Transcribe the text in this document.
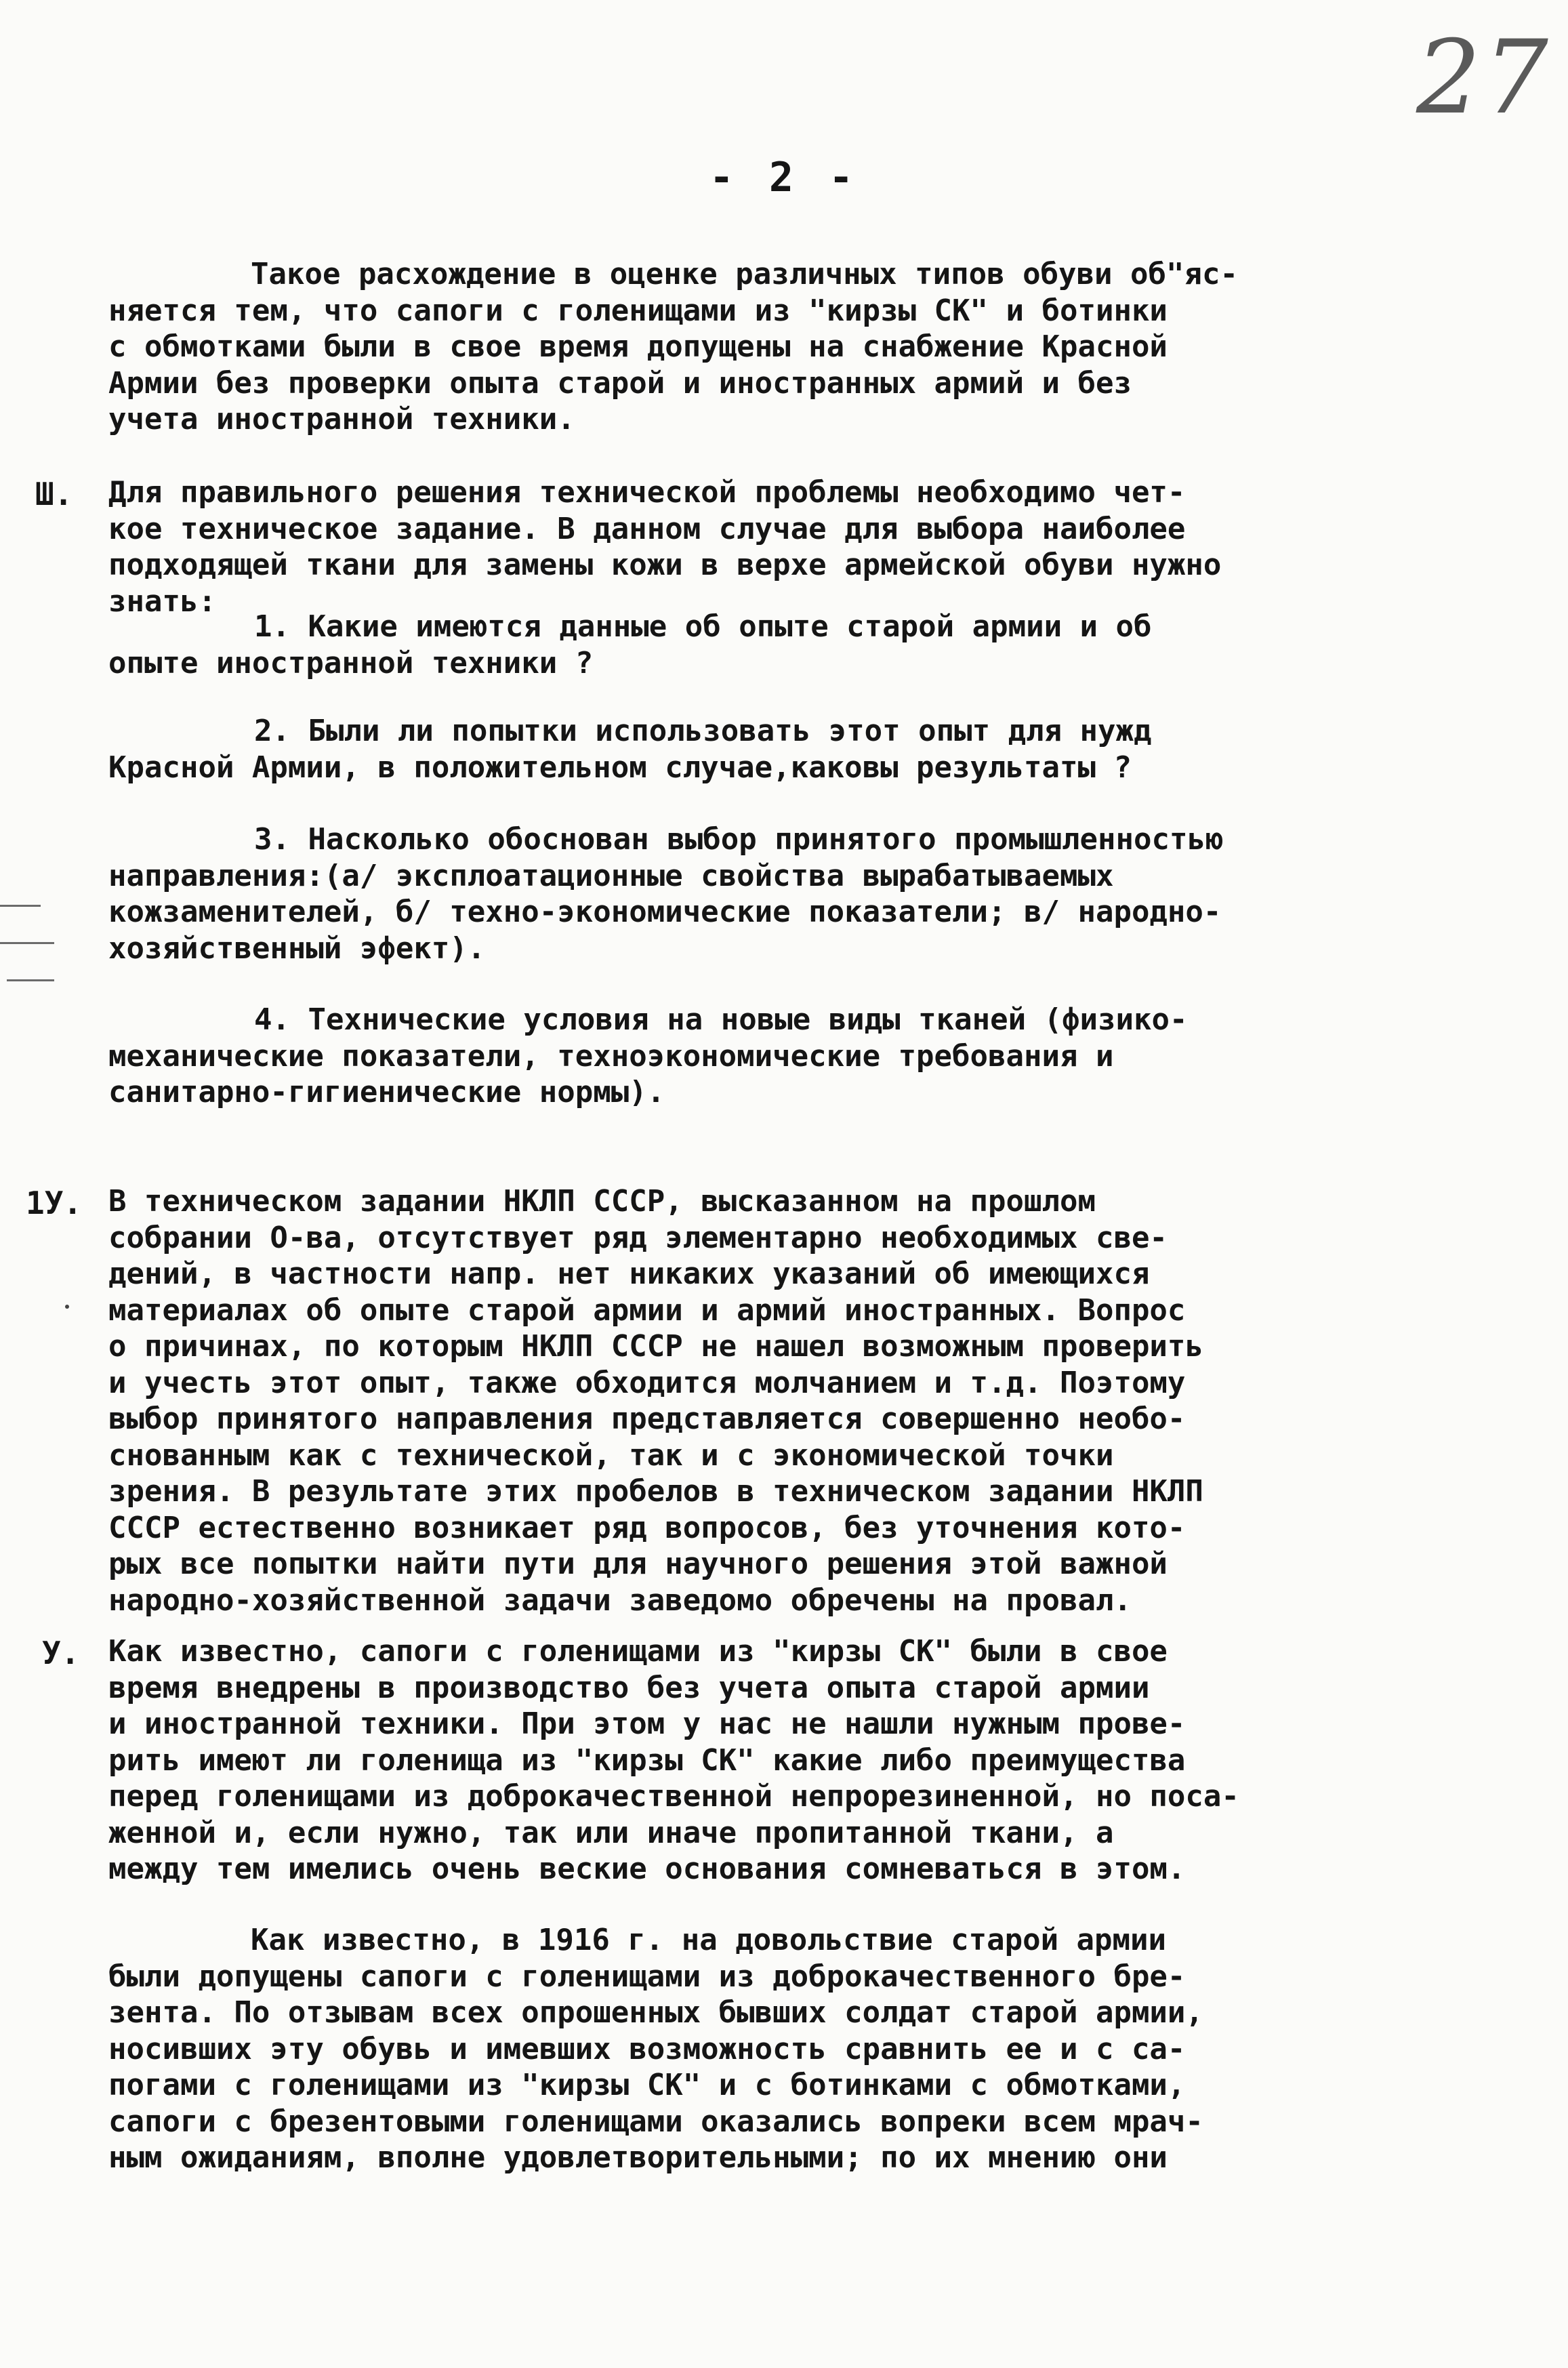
27
- 2 -
Такое расхождение в оценке различных типов обуви об"яс-
няется тем, что сапоги с голенищами из "кирзы СК" и ботинки
с обмотками были в свое время допущены на снабжение Красной
Армии без проверки опыта старой и иностранных армий и без
учета иностранной техники.
Ш. Для правильного решения технической проблемы необходимо чет-
кое техническое задание. В данном случае для выбора наиболее
подходящей ткани для замены кожи в верхе армейской обуви нужно
знать:
1. Какие имеются данные об опыте старой армии и об
опыте иностранной техники ?
2. Были ли попытки использовать этот опыт для нужд
Красной Армии, в положительном случае,каковы результаты ?
3. Насколько обоснован выбор принятого промышленностью
направления:(а/ эксплоатационные свойства вырабатываемых
кожзаменителей, б/ техно-экономические показатели; в/ народно-
хозяйственный эфект).
4. Технические условия на новые виды тканей (физико-
механические показатели, техноэкономические требования и
санитарно-гигиенические нормы).
1У. В техническом задании НКЛП СССР, высказанном на прошлом
собрании О-ва, отсутствует ряд элементарно необходимых све-
дений, в частности напр. нет никаких указаний об имеющихся
материалах об опыте старой армии и армий иностранных. Вопрос
о причинах, по которым НКЛП СССР не нашел возможным проверить
и учесть этот опыт, также обходится молчанием и т.д. Поэтому
выбор принятого направления представляется совершенно необо-
снованным как с технической, так и с экономической точки
зрения. В результате этих пробелов в техническом задании НКЛП
СССР естественно возникает ряд вопросов, без уточнения кото-
рых все попытки найти пути для научного решения этой важной
народно-хозяйственной задачи заведомо обречены на провал.
У. Как известно, сапоги с голенищами из "кирзы СК" были в свое
время внедрены в производство без учета опыта старой армии
и иностранной техники. При этом у нас не нашли нужным прове-
рить имеют ли голенища из "кирзы СК" какие либо преимущества
перед голенищами из доброкачественной непрорезиненной, но поса-
женной и, если нужно, так или иначе пропитанной ткани, а
между тем имелись очень веские основания сомневаться в этом.
Как известно, в 1916 г. на довольствие старой армии
были допущены сапоги с голенищами из доброкачественного бре-
зента. По отзывам всех опрошенных бывших солдат старой армии,
носивших эту обувь и имевших возможность сравнить ее и с са-
погами с голенищами из "кирзы СК" и с ботинками с обмотками,
сапоги с брезентовыми голенищами оказались вопреки всем мрач-
ным ожиданиям, вполне удовлетворительными; по их мнению они
